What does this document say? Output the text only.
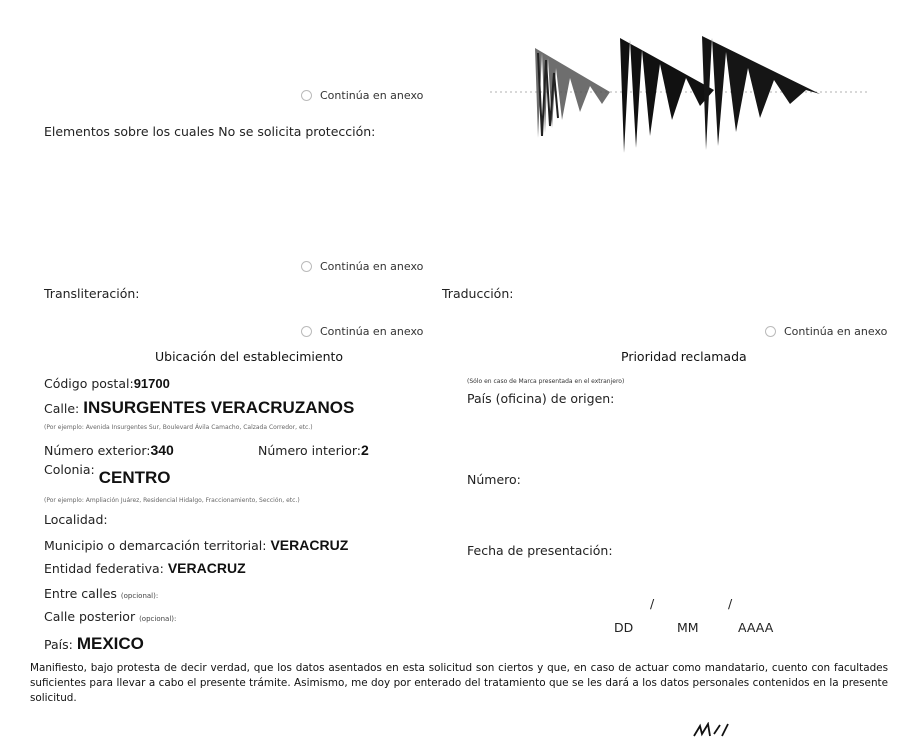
Continúa en anexo
Elementos sobre los cuales No se solicita protección:
Continúa en anexo
Transliteración:	Traducción:
Continúa en anexo	Continúa en anexo
Ubicación del establecimiento	Prioridad reclamada
Código postal:91700
Calle: INSURGENTES VERACRUZANOS
(Por ejemplo: Avenida Insurgentes Sur, Boulevard Ávila Camacho, Calzada Corredor, etc.)
Número exterior:340	Número interior:2
Colonia: CENTRO
(Por ejemplo: Ampliación Juárez, Residencial Hidalgo, Fraccionamiento, Sección, etc.)
Localidad:
Municipio o demarcación territorial: VERACRUZ
Entidad federativa: VERACRUZ
Entre calles (opcional):
Calle posterior (opcional):
País: MEXICO
(Sólo en caso de Marca presentada en el extranjero)
País (oficina) de origen:
Número:
Fecha de presentación:
/	/
DD	MM	AAAA
Manifiesto, bajo protesta de decir verdad, que los datos asentados en esta solicitud son ciertos y que, en caso de actuar como mandatario, cuento con facultades suficientes para llevar a cabo el presente trámite. Asimismo, me doy por enterado del tratamiento que se les dará a los datos personales contenidos en la presente solicitud.
